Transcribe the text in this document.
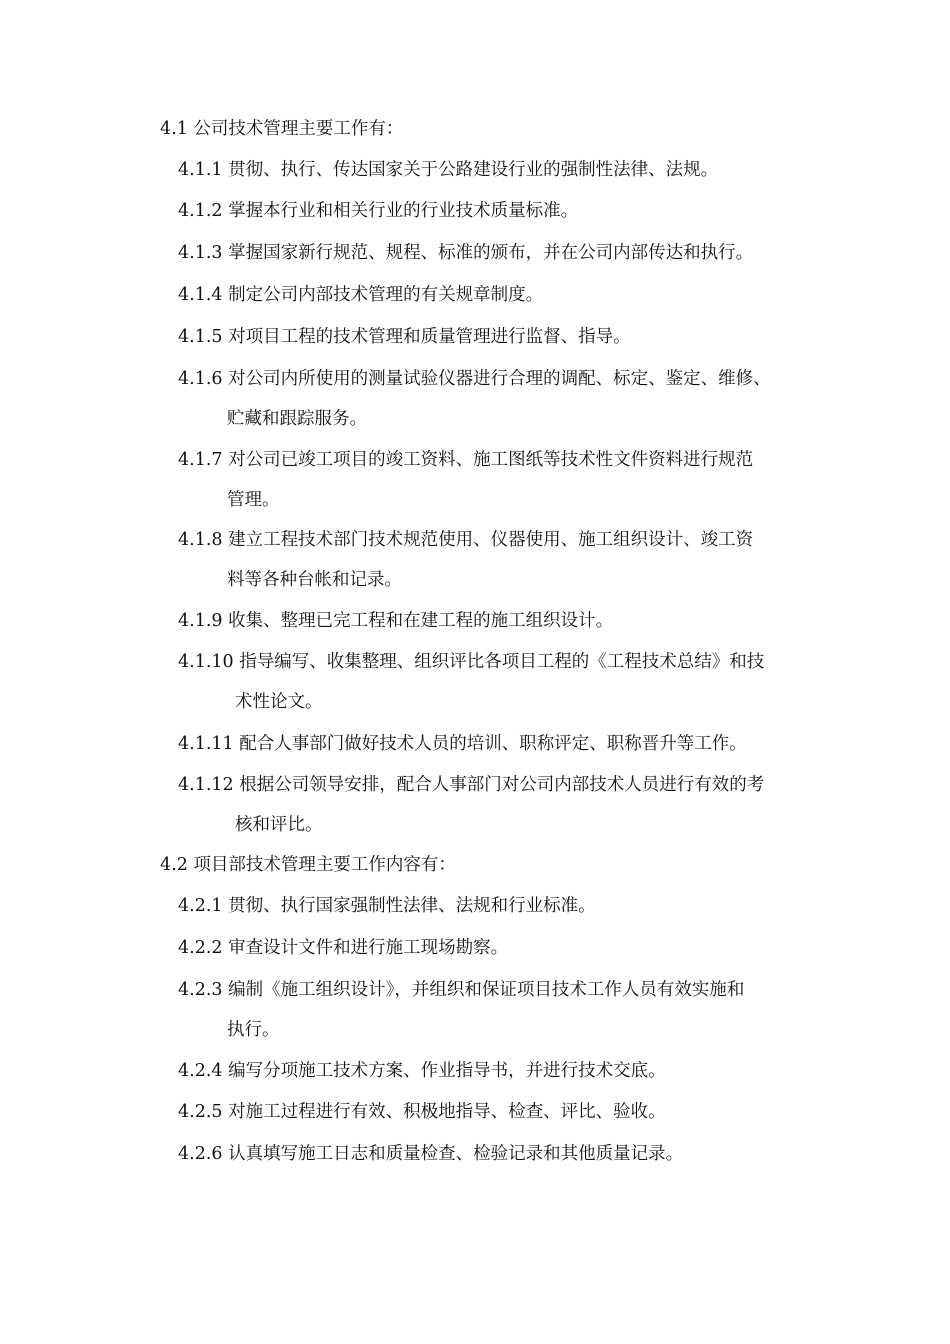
4.1 公司技术管理主要工作有：
4.1.1 贯彻、执行、传达国家关于公路建设行业的强制性法律、法规。
4.1.2 掌握本行业和相关行业的行业技术质量标准。
4.1.3 掌握国家新行规范、规程、标准的颁布，并在公司内部传达和执行。
4.1.4 制定公司内部技术管理的有关规章制度。
4.1.5 对项目工程的技术管理和质量管理进行监督、指导。
4.1.6 对公司内所使用的测量试验仪器进行合理的调配、标定、鉴定、维修、
贮藏和跟踪服务。
4.1.7 对公司已竣工项目的竣工资料、施工图纸等技术性文件资料进行规范
管理。
4.1.8 建立工程技术部门技术规范使用、仪器使用、施工组织设计、竣工资
料等各种台帐和记录。
4.1.9 收集、整理已完工程和在建工程的施工组织设计。
4.1.10 指导编写、收集整理、组织评比各项目工程的《工程技术总结》和技
术性论文。
4.1.11 配合人事部门做好技术人员的培训、职称评定、职称晋升等工作。
4.1.12 根据公司领导安排，配合人事部门对公司内部技术人员进行有效的考
核和评比。
4.2 项目部技术管理主要工作内容有：
4.2.1 贯彻、执行国家强制性法律、法规和行业标准。
4.2.2 审查设计文件和进行施工现场勘察。
4.2.3 编制《施工组织设计》，并组织和保证项目技术工作人员有效实施和
执行。
4.2.4 编写分项施工技术方案、作业指导书，并进行技术交底。
4.2.5 对施工过程进行有效、积极地指导、检查、评比、验收。
4.2.6 认真填写施工日志和质量检查、检验记录和其他质量记录。
